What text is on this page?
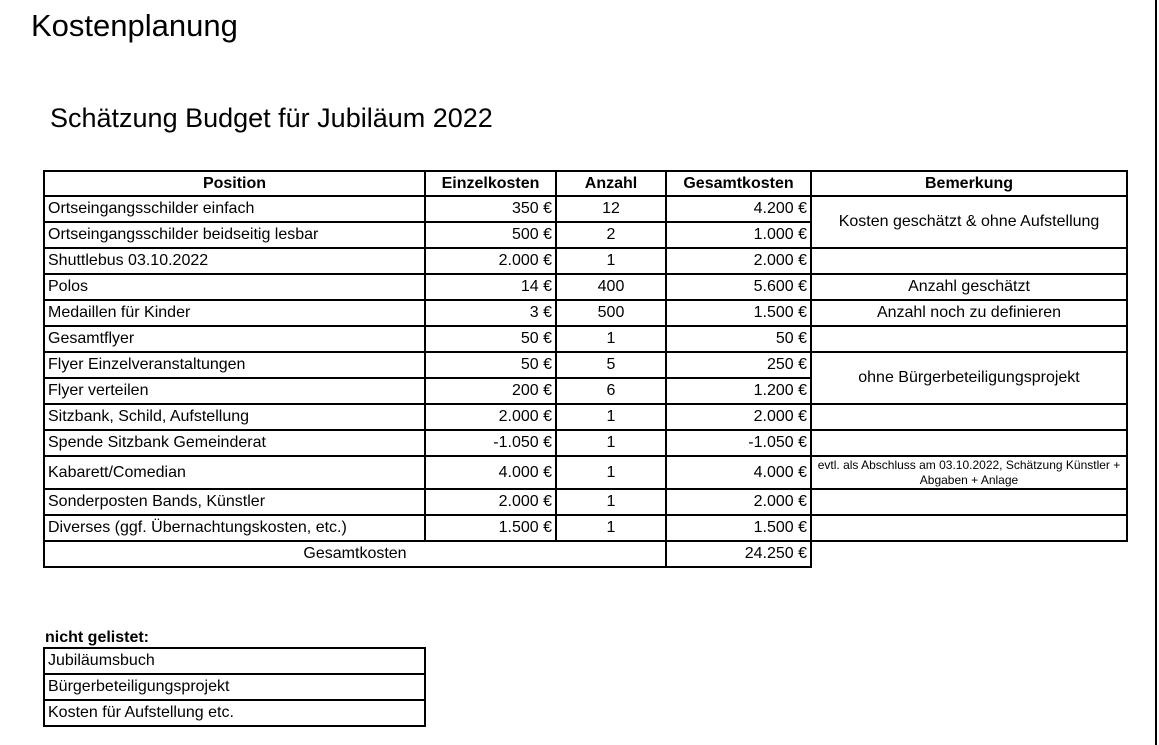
Kostenplanung
Schätzung Budget für Jubiläum 2022
Position	Einzelkosten	Anzahl	Gesamtkosten	Bemerkung
Ortseingangsschilder einfach	350 €	12	4.200 €	Kosten geschätzt & ohne Aufstellung
Ortseingangsschilder beidseitig lesbar	500 €	2	1.000 €	
Shuttlebus 03.10.2022	2.000 €	1	2.000 €	
Polos	14 €	400	5.600 €	Anzahl geschätzt
Medaillen für Kinder	3 €	500	1.500 €	Anzahl noch zu definieren
Gesamtflyer	50 €	1	50 €	
Flyer Einzelveranstaltungen	50 €	5	250 €	ohne Bürgerbeteiligungsprojekt
Flyer verteilen	200 €	6	1.200 €	
Sitzbank, Schild, Aufstellung	2.000 €	1	2.000 €	
Spende Sitzbank Gemeinderat	-1.050 €	1	-1.050 €	
Kabarett/Comedian	4.000 €	1	4.000 €	evtl. als Abschluss am 03.10.2022, Schätzung Künstler + Abgaben + Anlage
Sonderposten Bands, Künstler	2.000 €	1	2.000 €	
Diverses (ggf. Übernachtungskosten, etc.)	1.500 €	1	1.500 €	
Gesamtkosten			24.250 €	
nicht gelistet:
Jubiläumsbuch
Bürgerbeteiligungsprojekt
Kosten für Aufstellung etc.
